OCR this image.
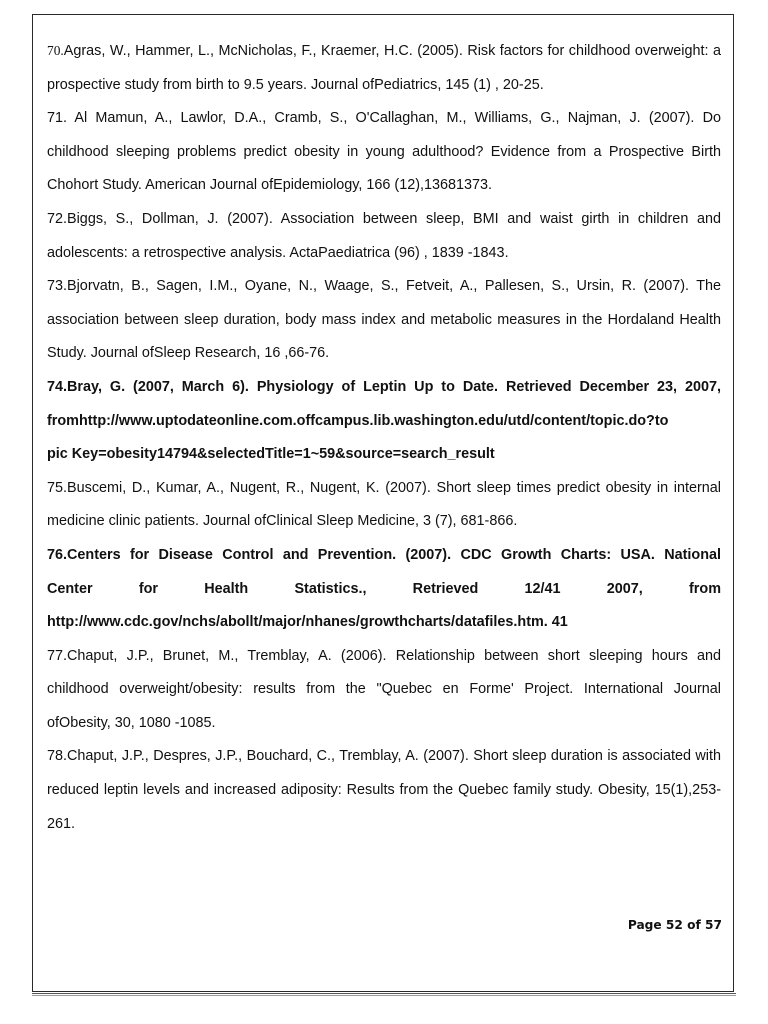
70.Agras, W., Hammer, L., McNicholas, F., Kraemer, H.C. (2005). Risk factors for childhood overweight: a prospective study from birth to 9.5 years. Journal ofPediatrics, 145 (1) , 20-25.

71. Al Mamun, A., Lawlor, D.A., Cramb, S., O'Callaghan, M., Williams, G., Najman, J. (2007). Do childhood sleeping problems predict obesity in young adulthood? Evidence from a Prospective Birth Chohort Study. American Journal ofEpidemiology, 166 (12),13681373.

72.Biggs, S., Dollman, J. (2007). Association between sleep, BMI and waist girth in children and adolescents: a retrospective analysis. ActaPaediatrica (96) , 1839 -1843.

73.Bjorvatn, B., Sagen, I.M., Oyane, N., Waage, S., Fetveit, A., Pallesen, S., Ursin, R. (2007). The association between sleep duration, body mass index and metabolic measures in the Hordaland Health Study. Journal ofSleep Research, 16 ,66-76.

74.Bray, G. (2007, March 6). Physiology of Leptin Up to Date. Retrieved December 23, 2007,
fromhttp://www.uptodateonline.com.offcampus.lib.washington.edu/utd/content/topic.do?to
pic Key=obesity14794&selectedTitle=1~59&source=search_result

75.Buscemi, D., Kumar, A., Nugent, R., Nugent, K. (2007). Short sleep times predict obesity in internal medicine clinic patients. Journal ofClinical Sleep Medicine, 3 (7), 681-866.

76.Centers for Disease Control and Prevention. (2007). CDC Growth Charts: USA. National
Center for Health Statistics., Retrieved 12/41 2007, from
http://www.cdc.gov/nchs/abollt/major/nhanes/growthcharts/datafiles.htm. 41

77.Chaput, J.P., Brunet, M., Tremblay, A. (2006). Relationship between short sleeping hours and childhood overweight/obesity: results from the "Quebec en Forme' Project. International Journal ofObesity, 30, 1080 -1085.

78.Chaput, J.P., Despres, J.P., Bouchard, C., Tremblay, A. (2007). Short sleep duration is associated with reduced leptin levels and increased adiposity: Results from the Quebec family study. Obesity, 15(1),253-261.

Page 52 of 57
